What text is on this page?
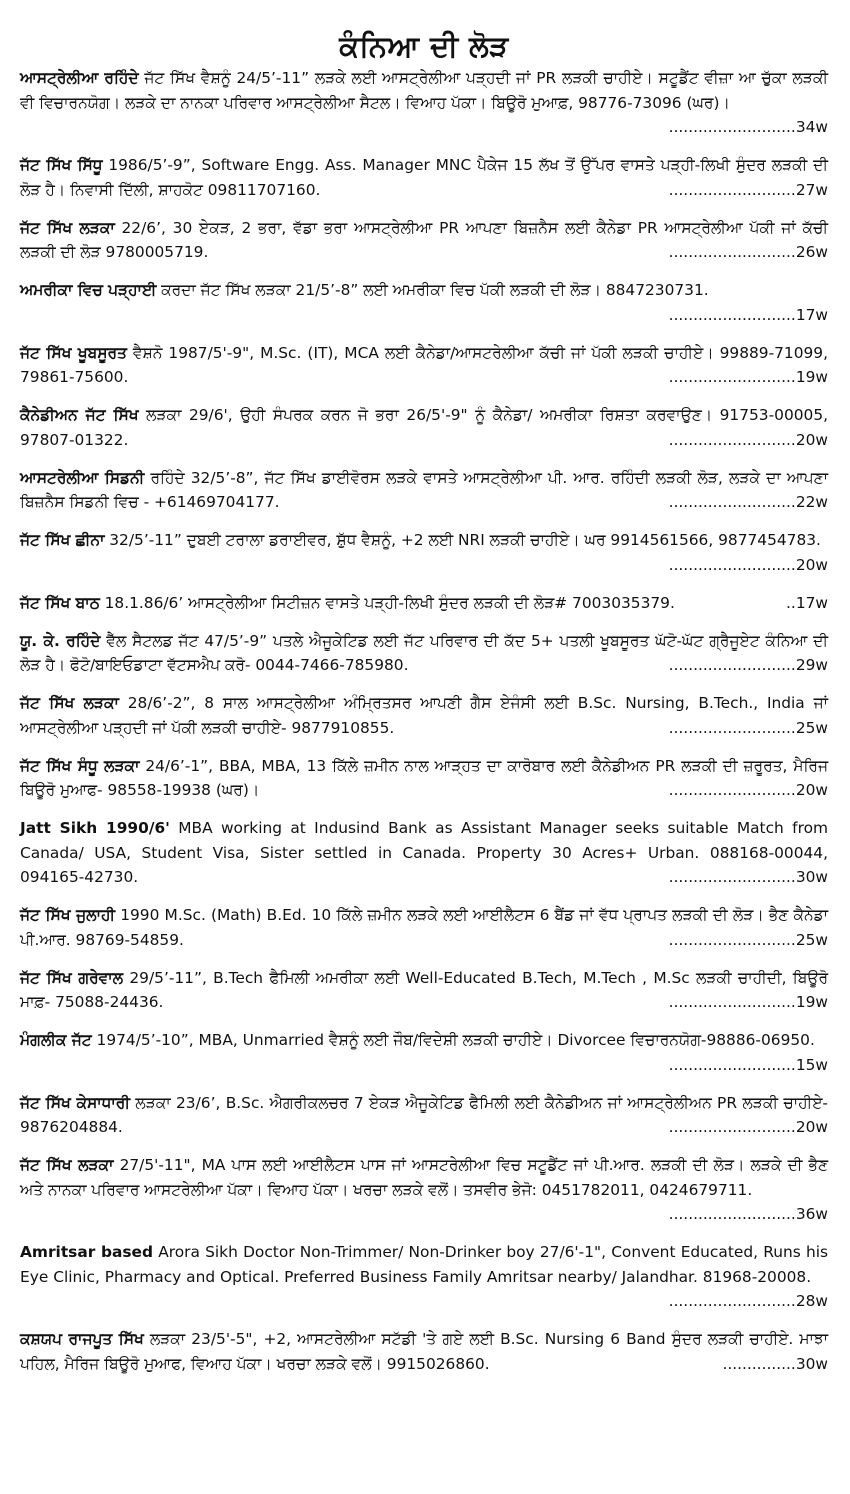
ਕੰਨਿਆ ਦੀ ਲੋੜ

ਆਸਟ੍ਰੇਲੀਆ ਰਹਿੰਦੇ ਜੱਟ ਸਿੱਖ ਵੈਸ਼ਨੂੰ 24/5’-11” ਲੜਕੇ ਲਈ ਆਸਟ੍ਰੇਲੀਆ ਪੜ੍ਹਦੀ ਜਾਂ PR ਲੜਕੀ ਚਾਹੀਏ। ਸਟੂਡੈਂਟ ਵੀਜ਼ਾ ਆ ਚੁੱਕਾ ਲੜਕੀ ਵੀ ਵਿਚਾਰਨਯੋਗ। ਲੜਕੇ ਦਾ ਨਾਨਕਾ ਪਰਿਵਾਰ ਆਸਟ੍ਰੇਲੀਆ ਸੈਟਲ। ਵਿਆਹ ਪੱਕਾ। ਬਿਊਰੋ ਮੁਆਫ਼, 98776-73096 (ਘਰ)।
..........................34w

ਜੱਟ ਸਿੱਖ ਸਿੱਧੂ 1986/5’-9”, Software Engg. Ass. Manager MNC ਪੈਕੇਜ 15 ਲੱਖ ਤੋਂ ਉੱਪਰ ਵਾਸਤੇ ਪੜ੍ਹੀ-ਲਿਖੀ ਸੁੰਦਰ ਲੜਕੀ ਦੀ ਲੋੜ ਹੈ। ਨਿਵਾਸੀ ਦਿੱਲੀ, ਸ਼ਾਹਕੋਟ 09811707160.	..........................27w

ਜੱਟ ਸਿੱਖ ਲੜਕਾ 22/6’, 30 ਏਕੜ, 2 ਭਰਾ, ਵੱਡਾ ਭਰਾ ਆਸਟ੍ਰੇਲੀਆ PR ਆਪਣਾ ਬਿਜ਼ਨੈਸ ਲਈ ਕੈਨੇਡਾ PR ਆਸਟ੍ਰੇਲੀਆ ਪੱਕੀ ਜਾਂ ਕੱਚੀ ਲੜਕੀ ਦੀ ਲੋੜ 9780005719.	..........................26w

ਅਮਰੀਕਾ ਵਿਚ ਪੜ੍ਹਾਈ ਕਰਦਾ ਜੱਟ ਸਿੱਖ ਲੜਕਾ 21/5’-8” ਲਈ ਅਮਰੀਕਾ ਵਿਚ ਪੱਕੀ ਲੜਕੀ ਦੀ ਲੋੜ। 8847230731.
..........................17w

ਜੱਟ ਸਿੱਖ ਖੂਬਸੂਰਤ ਵੈਸ਼ਨੋ 1987/5'-9", M.Sc. (IT), MCA ਲਈ ਕੈਨੇਡਾ/ਆਸਟਰੇਲੀਆ ਕੱਚੀ ਜਾਂ ਪੱਕੀ ਲੜਕੀ ਚਾਹੀਏ। 99889-71099, 79861-75600.	..........................19w

ਕੈਨੇਡੀਅਨ ਜੱਟ ਸਿੱਖ ਲੜਕਾ 29/6', ਉਹੀ ਸੰਪਰਕ ਕਰਨ ਜੋ ਭਰਾ 26/5'-9" ਨੂੰ ਕੈਨੇਡਾ/ ਅਮਰੀਕਾ ਰਿਸ਼ਤਾ ਕਰਵਾਉਣ। 91753-00005, 97807-01322.	..........................20w

ਆਸਟਰੇਲੀਆ ਸਿਡਨੀ ਰਹਿੰਦੇ 32/5’-8”, ਜੱਟ ਸਿੱਖ ਡਾਈਵੋਰਸ ਲੜਕੇ ਵਾਸਤੇ ਆਸਟ੍ਰੇਲੀਆ ਪੀ. ਆਰ. ਰਹਿੰਦੀ ਲੜਕੀ ਲੋੜ, ਲੜਕੇ ਦਾ ਆਪਣਾ ਬਿਜ਼ਨੈਸ ਸਿਡਨੀ ਵਿਚ - +61469704177.	..........................22w

ਜੱਟ ਸਿੱਖ ਛੀਨਾ 32/5’-11” ਦੁਬਈ ਟਰਾਲਾ ਡਰਾਈਵਰ, ਸ਼ੁੱਧ ਵੈਸ਼ਨੂੰ, +2 ਲਈ NRI ਲੜਕੀ ਚਾਹੀਏ। ਘਰ 9914561566, 9877454783.
..........................20w

ਜੱਟ ਸਿੱਖ ਬਾਠ 18.1.86/6’ ਆਸਟ੍ਰੇਲੀਆ ਸਿਟੀਜ਼ਨ ਵਾਸਤੇ ਪੜ੍ਹੀ-ਲਿਖੀ ਸੁੰਦਰ ਲੜਕੀ ਦੀ ਲੋੜ# 7003035379.	..17w

ਯੂ. ਕੇ. ਰਹਿੰਦੇ ਵੈੱਲ ਸੈਟਲਡ ਜੱਟ 47/5’-9” ਪਤਲੇ ਐਜੂਕੇਟਿਡ ਲਈ ਜੱਟ ਪਰਿਵਾਰ ਦੀ ਕੱਦ 5+ ਪਤਲੀ ਖੂਬਸੂਰਤ ਘੱਟੋ-ਘੱਟ ਗ੍ਰੈਜੂਏਟ ਕੰਨਿਆ ਦੀ ਲੋੜ ਹੈ। ਫੋਟੋ/ਬਾਇਓਡਾਟਾ ਵੱਟਸਐਪ ਕਰੋ- 0044-7466-785980.	..........................29w

ਜੱਟ ਸਿੱਖ ਲੜਕਾ 28/6’-2”, 8 ਸਾਲ ਆਸਟ੍ਰੇਲੀਆ ਅੰਮ੍ਰਿਤਸਰ ਆਪਣੀ ਗੈਸ ਏਜੰਸੀ ਲਈ B.Sc. Nursing, B.Tech., India ਜਾਂ ਆਸਟ੍ਰੇਲੀਆ ਪੜ੍ਹਦੀ ਜਾਂ ਪੱਕੀ ਲੜਕੀ ਚਾਹੀਏ- 9877910855.	..........................25w

ਜੱਟ ਸਿੱਖ ਸੰਧੂ ਲੜਕਾ 24/6’-1”, BBA, MBA, 13 ਕਿੱਲੇ ਜ਼ਮੀਨ ਨਾਲ ਆੜ੍ਹਤ ਦਾ ਕਾਰੋਬਾਰ ਲਈ ਕੈਨੇਡੀਅਨ PR ਲੜਕੀ ਦੀ ਜ਼ਰੂਰਤ, ਮੈਰਿਜ ਬਿਊਰੋ ਮੁਆਫ- 98558-19938 (ਘਰ)।	..........................20w

Jatt Sikh 1990/6' MBA working at Indusind Bank as Assistant Manager seeks suitable Match from Canada/ USA, Student Visa, Sister settled in Canada. Property 30 Acres+ Urban. 088168-00044, 094165-42730.	..........................30w

ਜੱਟ ਸਿੱਖ ਜੁਲਾਹੀ 1990 M.Sc. (Math) B.Ed. 10 ਕਿੱਲੇ ਜ਼ਮੀਨ ਲੜਕੇ ਲਈ ਆਈਲੈਟਸ 6 ਬੈਂਡ ਜਾਂ ਵੱਧ ਪ੍ਰਾਪਤ ਲੜਕੀ ਦੀ ਲੋੜ। ਭੈਣ ਕੈਨੇਡਾ ਪੀ.ਆਰ. 98769-54859.	..........................25w

ਜੱਟ ਸਿੱਖ ਗਰੇਵਾਲ 29/5’-11”, B.Tech ਫੈਮਿਲੀ ਅਮਰੀਕਾ ਲਈ Well-Educated B.Tech, M.Tech , M.Sc ਲੜਕੀ ਚਾਹੀਦੀ, ਬਿਊਰੋ ਮਾਫ਼- 75088-24436.	..........................19w

ਮੰਗਲੀਕ ਜੱਟ 1974/5’-10”, MBA, Unmarried ਵੈਸ਼ਨੂੰ ਲਈ ਜੌਬ/ਵਿਦੇਸ਼ੀ ਲੜਕੀ ਚਾਹੀਏ। Divorcee ਵਿਚਾਰਨਯੋਗ-98886-06950.
..........................15w

ਜੱਟ ਸਿੱਖ ਕੇਸਾਧਾਰੀ ਲੜਕਾ 23/6’, B.Sc. ਐਗਰੀਕਲਚਰ 7 ਏਕੜ ਐਜੂਕੇਟਿਡ ਫੈਮਿਲੀ ਲਈ ਕੈਨੇਡੀਅਨ ਜਾਂ ਆਸਟ੍ਰੇਲੀਅਨ PR ਲੜਕੀ ਚਾਹੀਏ- 9876204884.	..........................20w

ਜੱਟ ਸਿੱਖ ਲੜਕਾ 27/5'-11", MA ਪਾਸ ਲਈ ਆਈਲੈਟਸ ਪਾਸ ਜਾਂ ਆਸਟਰੇਲੀਆ ਵਿਚ ਸਟੂਡੈਂਟ ਜਾਂ ਪੀ.ਆਰ. ਲੜਕੀ ਦੀ ਲੋੜ। ਲੜਕੇ ਦੀ ਭੈਣ ਅਤੇ ਨਾਨਕਾ ਪਰਿਵਾਰ ਆਸਟਰੇਲੀਆ ਪੱਕਾ। ਵਿਆਹ ਪੱਕਾ। ਖਰਚਾ ਲੜਕੇ ਵਲੋਂ। ਤਸਵੀਰ ਭੇਜੋ: 0451782011, 0424679711.
..........................36w

Amritsar based Arora Sikh Doctor Non-Trimmer/ Non-Drinker boy 27/6'-1", Convent Educated, Runs his Eye Clinic, Pharmacy and Optical. Preferred Business Family Amritsar nearby/ Jalandhar. 81968-20008.
..........................28w

ਕਸ਼ਯਪ ਰਾਜਪੂਤ ਸਿੱਖ ਲੜਕਾ 23/5'-5", +2, ਆਸਟਰੇਲੀਆ ਸਟੱਡੀ 'ਤੇ ਗਏ ਲਈ B.Sc. Nursing 6 Band ਸੁੰਦਰ ਲੜਕੀ ਚਾਹੀਏ. ਮਾਝਾ ਪਹਿਲ, ਮੈਰਿਜ ਬਿਊਰੋ ਮੁਆਫ, ਵਿਆਹ ਪੱਕਾ। ਖਰਚਾ ਲੜਕੇ ਵਲੋਂ। 9915026860.	...............30w
